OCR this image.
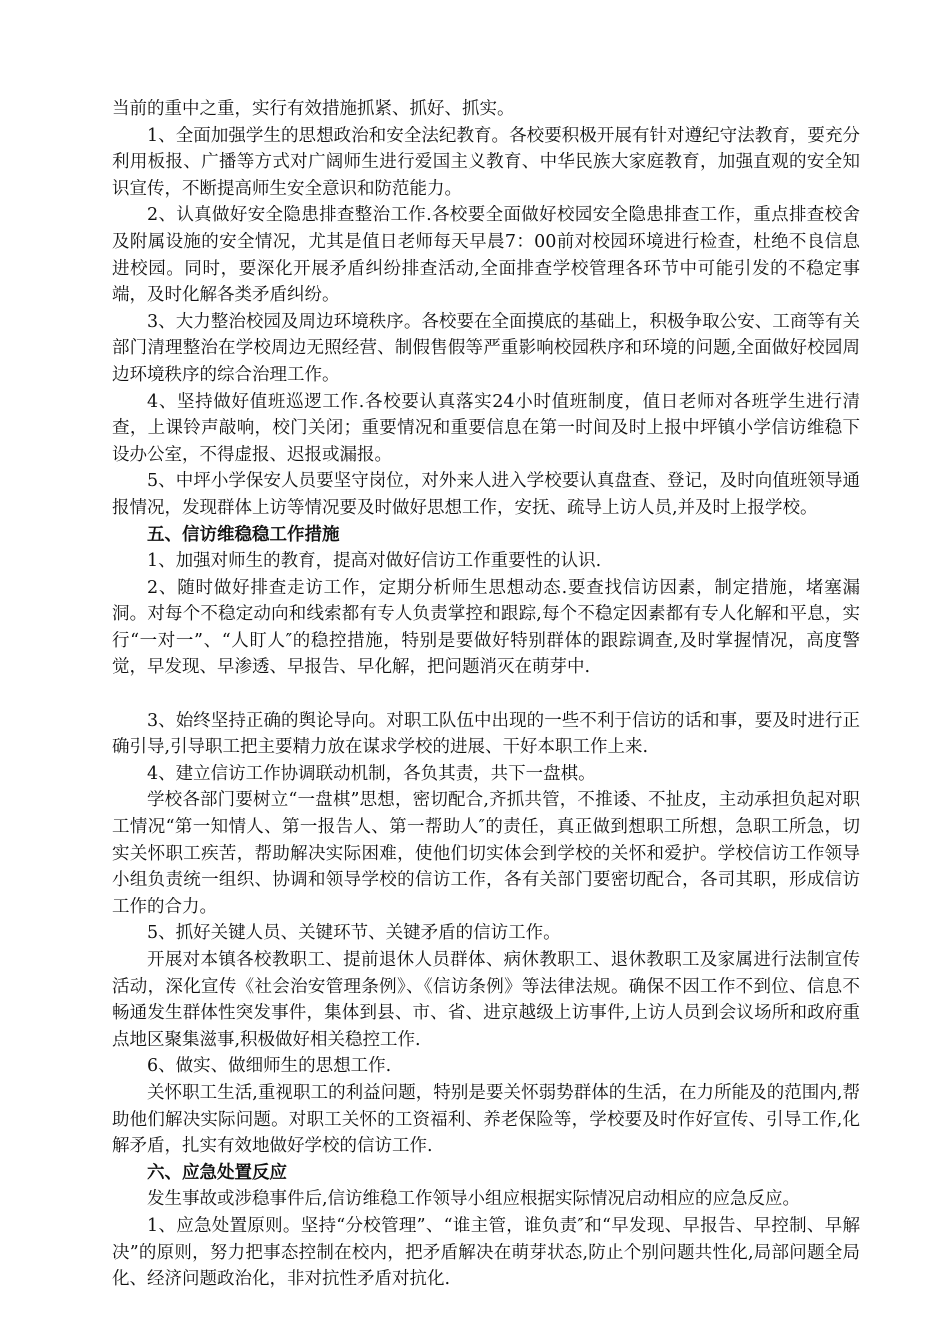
当前的重中之重，实行有效措施抓紧、抓好、抓实。

1、全面加强学生的思想政治和安全法纪教育。各校要积极开展有针对遵纪守法教育，要充分利用板报、广播等方式对广阔师生进行爱国主义教育、中华民族大家庭教育，加强直观的安全知识宣传，不断提高师生安全意识和防范能力。

2、认真做好安全隐患排查整治工作.各校要全面做好校园安全隐患排查工作，重点排查校舍及附属设施的安全情况，尤其是值日老师每天早晨7：00前对校园环境进行检查，杜绝不良信息进校园。同时，要深化开展矛盾纠纷排查活动,全面排查学校管理各环节中可能引发的不稳定事端，及时化解各类矛盾纠纷。

3、大力整治校园及周边环境秩序。各校要在全面摸底的基础上，积极争取公安、工商等有关部门清理整治在学校周边无照经营、制假售假等严重影响校园秩序和环境的问题,全面做好校园周边环境秩序的综合治理工作。

4、坚持做好值班巡逻工作.各校要认真落实24小时值班制度，值日老师对各班学生进行清查，上课铃声敲响，校门关闭；重要情况和重要信息在第一时间及时上报中坪镇小学信访维稳下设办公室，不得虚报、迟报或漏报。

5、中坪小学保安人员要坚守岗位，对外来人进入学校要认真盘查、登记，及时向值班领导通报情况，发现群体上访等情况要及时做好思想工作，安抚、疏导上访人员,并及时上报学校。

五、信访维稳稳工作措施

1、加强对师生的教育，提高对做好信访工作重要性的认识.

2、随时做好排查走访工作，定期分析师生思想动态.要查找信访因素，制定措施，堵塞漏洞。对每个不稳定动向和线索都有专人负责掌控和跟踪,每个不稳定因素都有专人化解和平息，实行“一对一”、“人盯人″的稳控措施，特别是要做好特别群体的跟踪调查,及时掌握情况，高度警觉，早发现、早渗透、早报告、早化解，把问题消灭在萌芽中.

3、始终坚持正确的舆论导向。对职工队伍中出现的一些不利于信访的话和事，要及时进行正确引导,引导职工把主要精力放在谋求学校的进展、干好本职工作上来.

4、建立信访工作协调联动机制，各负其责，共下一盘棋。

学校各部门要树立“一盘棋”思想，密切配合,齐抓共管，不推诿、不扯皮，主动承担负起对职工情况“第一知情人、第一报告人、第一帮助人″的责任，真正做到想职工所想，急职工所急，切实关怀职工疾苦，帮助解决实际困难，使他们切实体会到学校的关怀和爱护。学校信访工作领导小组负责统一组织、协调和领导学校的信访工作，各有关部门要密切配合，各司其职，形成信访工作的合力。

5、抓好关键人员、关键环节、关键矛盾的信访工作。

开展对本镇各校教职工、提前退休人员群体、病休教职工、退休教职工及家属进行法制宣传活动，深化宣传《社会治安管理条例》、《信访条例》等法律法规。确保不因工作不到位、信息不畅通发生群体性突发事件，集体到县、市、省、进京越级上访事件,上访人员到会议场所和政府重点地区聚集滋事,积极做好相关稳控工作.

6、做实、做细师生的思想工作.

关怀职工生活,重视职工的利益问题，特别是要关怀弱势群体的生活，在力所能及的范围内,帮助他们解决实际问题。对职工关怀的工资福利、养老保险等，学校要及时作好宣传、引导工作,化解矛盾，扎实有效地做好学校的信访工作.

六、应急处置反应

发生事故或涉稳事件后,信访维稳工作领导小组应根据实际情况启动相应的应急反应。

1、应急处置原则。坚持“分校管理”、“谁主管，谁负责″和“早发现、早报告、早控制、早解决”的原则，努力把事态控制在校内，把矛盾解决在萌芽状态,防止个别问题共性化,局部问题全局化、经济问题政治化，非对抗性矛盾对抗化.
